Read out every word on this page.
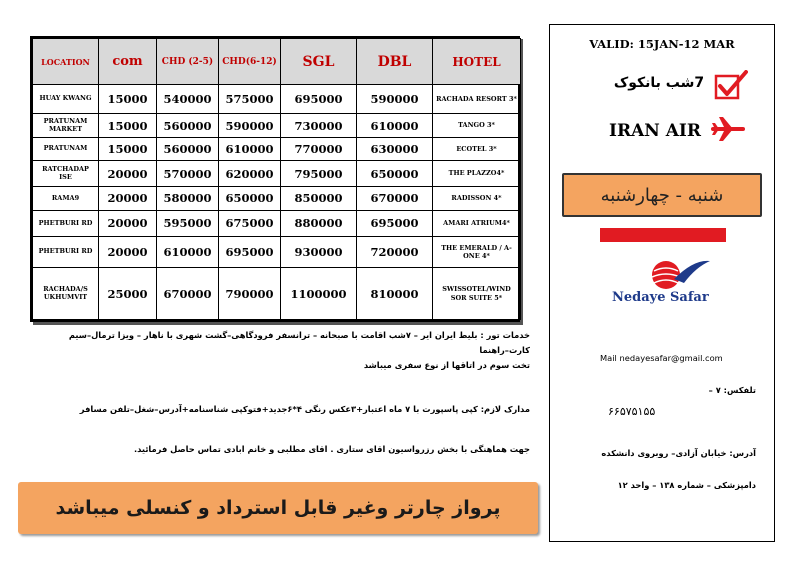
LOCATION	com	CHD (2-5)	CHD(6-12)	SGL	DBL	HOTEL
HUAY KWANG	15000	540000	575000	695000	590000	RACHADA RESORT 3*
PRATUNAM MARKET	15000	560000	590000	730000	610000	TANGO 3*
PRATUNAM	15000	560000	610000	770000	630000	ECOTEL 3*
RATCHADAP ISE	20000	570000	620000	795000	650000	THE PLAZZO4*
RAMA9	20000	580000	650000	850000	670000	RADISSON 4*
PHETBURI RD	20000	595000	675000	880000	695000	AMARI ATRIUM4*
PHETBURI RD	20000	610000	695000	930000	720000	THE EMERALD / A-ONE 4*
RACHADA/S UKHUMVIT	25000	670000	790000	1100000	810000	SWISSOTEL/WIND SOR SUITE 5*
خدمات تور : بلیط ایران ایر – ۷شب اقامت با صبحانه – ترانسفر فرودگاهی–گشت شهری با ناهار – ویزا ترمال–سیم کارت–راهنما
تخت سوم در اتاقها از نوع سفری میباشد
مدارک لازم: کپی پاسپورت با ۷ ماه اعتبار+۳عکس رنگی ۴*۶جدید+فتوکپی شناسنامه+آدرس–شغل–تلفن مسافر
جهت هماهنگی با بخش رزرواسیون اقای ستاری . اقای مطلبی و خانم ابادی تماس حاصل فرمائید.
پرواز چارتر وغیر قابل استرداد و کنسلی میباشد
VALID: 15JAN-12 MAR
7شب بانکوک
IRAN AIR
شنبه - چهارشنبه
Nedaye Safar
Mail nedayesafar@gmail.com
تلفکس: ۷ –
۶۶۵۷۵۱۵۵
آدرس: خیابان آزادی– روبروی دانشکده
دامپزشکی – شماره ۱۳۸ – واحد ۱۲
